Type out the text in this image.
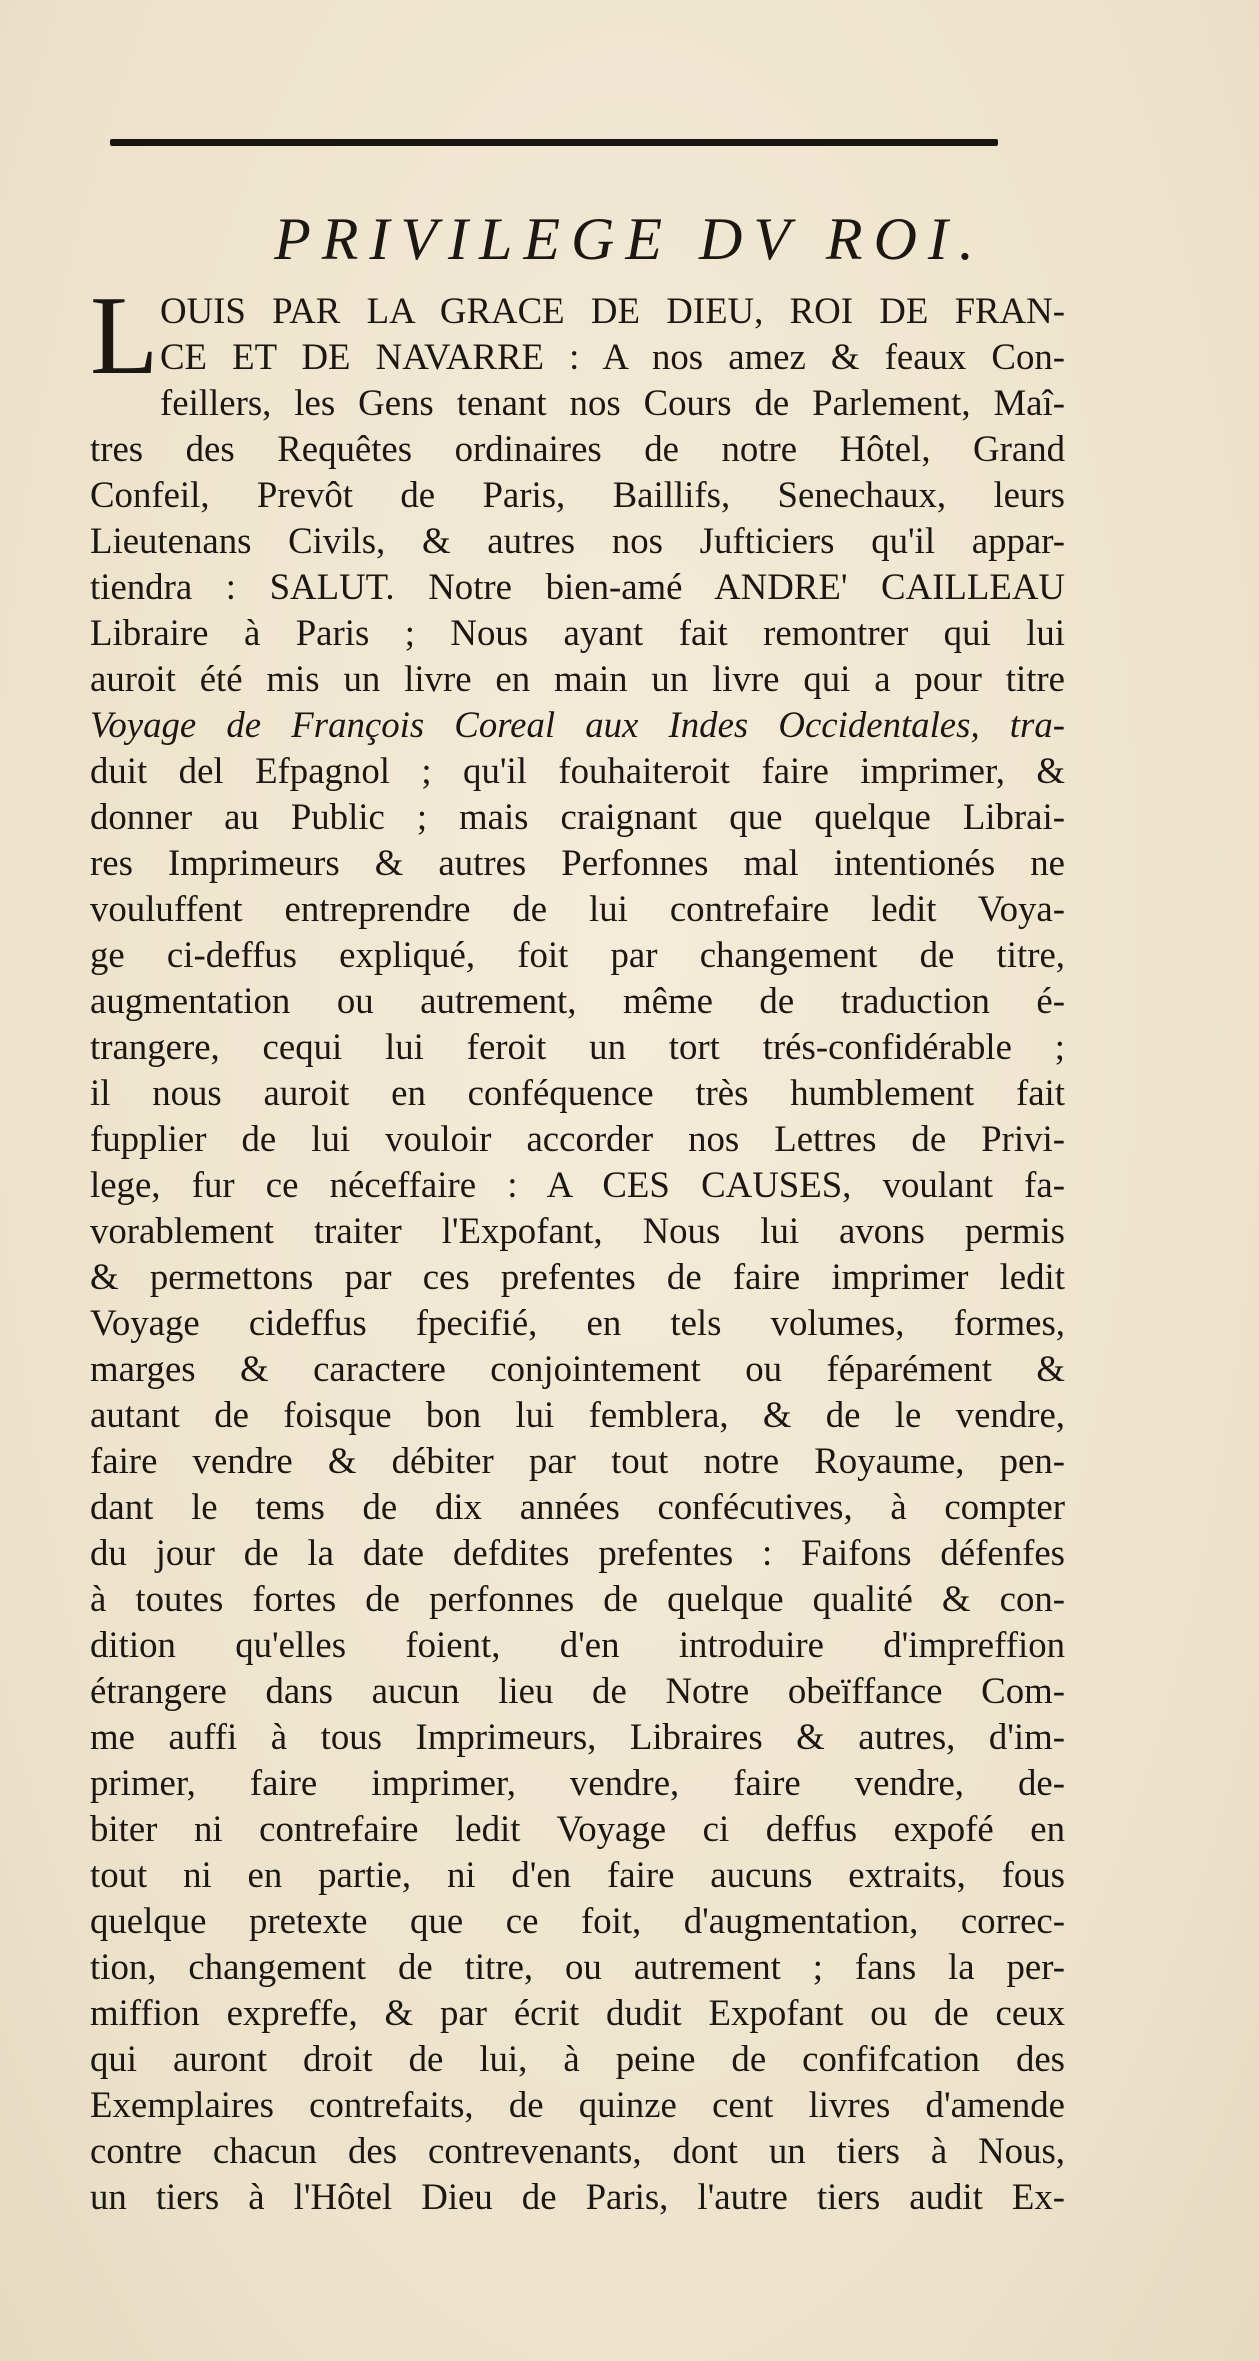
PRIVILEGE DV ROI.
L OUIS PAR LA GRACE DE DIEU, ROI DE FRAN-
CE ET DE NAVARRE : A nos amez & feaux Con-
feillers, les Gens tenant nos Cours de Parlement, Maî-
tres des Requêtes ordinaires de notre Hôtel, Grand
Confeil, Prevôt de Paris, Baillifs, Senechaux, leurs
Lieutenans Civils, & autres nos Jufticiers qu'il appar-
tiendra : SALUT. Notre bien-amé ANDRE' CAILLEAU
Libraire à Paris ; Nous ayant fait remontrer qui lui
auroit été mis un livre en main un livre qui a pour titre
Voyage de François Coreal aux Indes Occidentales, tra-
duit del Efpagnol ; qu'il fouhaiteroit faire imprimer, &
donner au Public ; mais craignant que quelque Librai-
res Imprimeurs & autres Perfonnes mal intentionés ne
vouluffent entreprendre de lui contrefaire ledit Voya-
ge ci-deffus expliqué, foit par changement de titre,
augmentation ou autrement, même de traduction é-
trangere, cequi lui feroit un tort trés-confidérable ;
il nous auroit en conféquence très humblement fait
fupplier de lui vouloir accorder nos Lettres de Privi-
lege, fur ce néceffaire : A CES CAUSES, voulant fa-
vorablement traiter l'Expofant, Nous lui avons permis
& permettons par ces prefentes de faire imprimer ledit
Voyage cideffus fpecifié, en tels volumes, formes,
marges & caractere conjointement ou féparément &
autant de foisque bon lui femblera, & de le vendre,
faire vendre & débiter par tout notre Royaume, pen-
dant le tems de dix années confécutives, à compter
du jour de la date defdites prefentes : Faifons défenfes
à toutes fortes de perfonnes de quelque qualité & con-
dition qu'elles foient, d'en introduire d'impreffion
étrangere dans aucun lieu de Notre obeïffance Com-
me auffi à tous Imprimeurs, Libraires & autres, d'im-
primer, faire imprimer, vendre, faire vendre, de-
biter ni contrefaire ledit Voyage ci deffus expofé en
tout ni en partie, ni d'en faire aucuns extraits, fous
quelque pretexte que ce foit, d'augmentation, correc-
tion, changement de titre, ou autrement ; fans la per-
miffion expreffe, & par écrit dudit Expofant ou de ceux
qui auront droit de lui, à peine de confifcation des
Exemplaires contrefaits, de quinze cent livres d'amende
contre chacun des contrevenants, dont un tiers à Nous,
un tiers à l'Hôtel Dieu de Paris, l'autre tiers audit Ex-
